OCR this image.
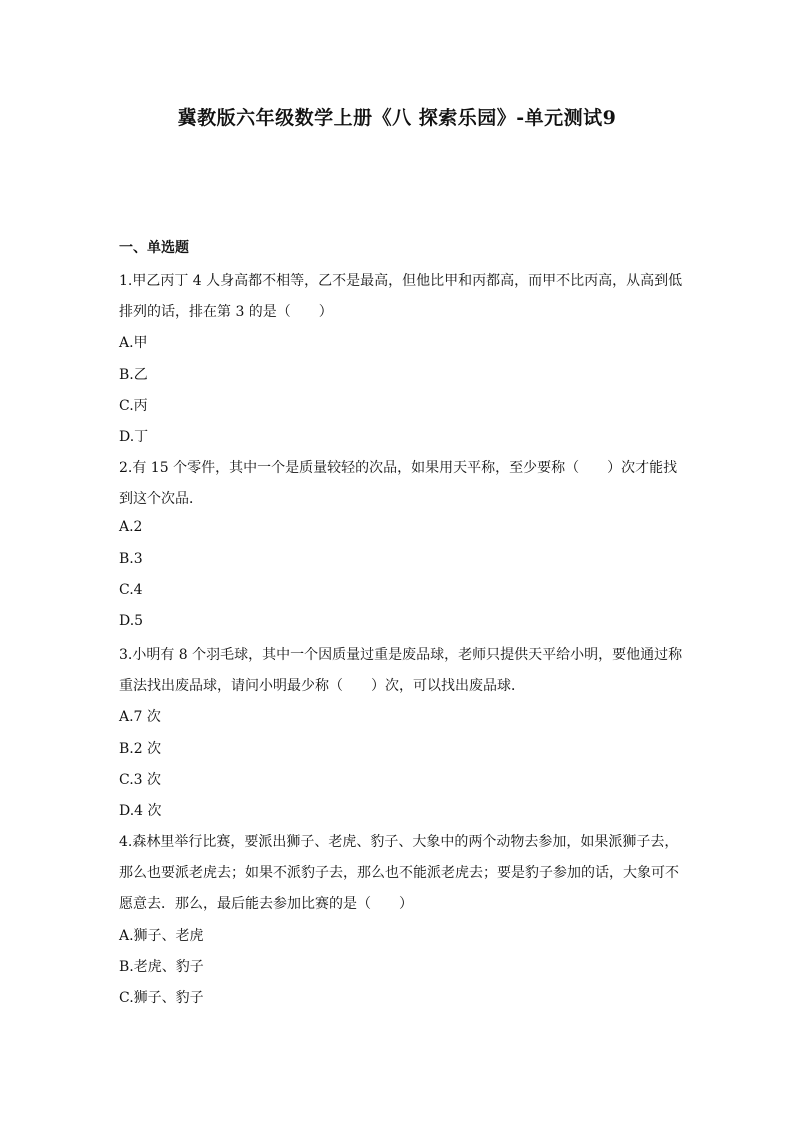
冀教版六年级数学上册《八 探索乐园》-单元测试9
一、单选题
1.甲乙丙丁 4 人身高都不相等，乙不是最高，但他比甲和丙都高，而甲不比丙高，从高到低
排列的话，排在第 3 的是（　　）
A.甲
B.乙
C.丙
D.丁
2.有 15 个零件，其中一个是质量较轻的次品，如果用天平称，至少要称（　　）次才能找
到这个次品．
A.2
B.3
C.4
D.5
3.小明有 8 个羽毛球，其中一个因质量过重是废品球，老师只提供天平给小明，要他通过称
重法找出废品球，请问小明最少称（　　）次，可以找出废品球．
A.7 次
B.2 次
C.3 次
D.4 次
4.森林里举行比赛，要派出狮子、老虎、豹子、大象中的两个动物去参加，如果派狮子去，
那么也要派老虎去；如果不派豹子去，那么也不能派老虎去；要是豹子参加的话，大象可不
愿意去．那么，最后能去参加比赛的是（　　）
A.狮子、老虎
B.老虎、豹子
C.狮子、豹子
